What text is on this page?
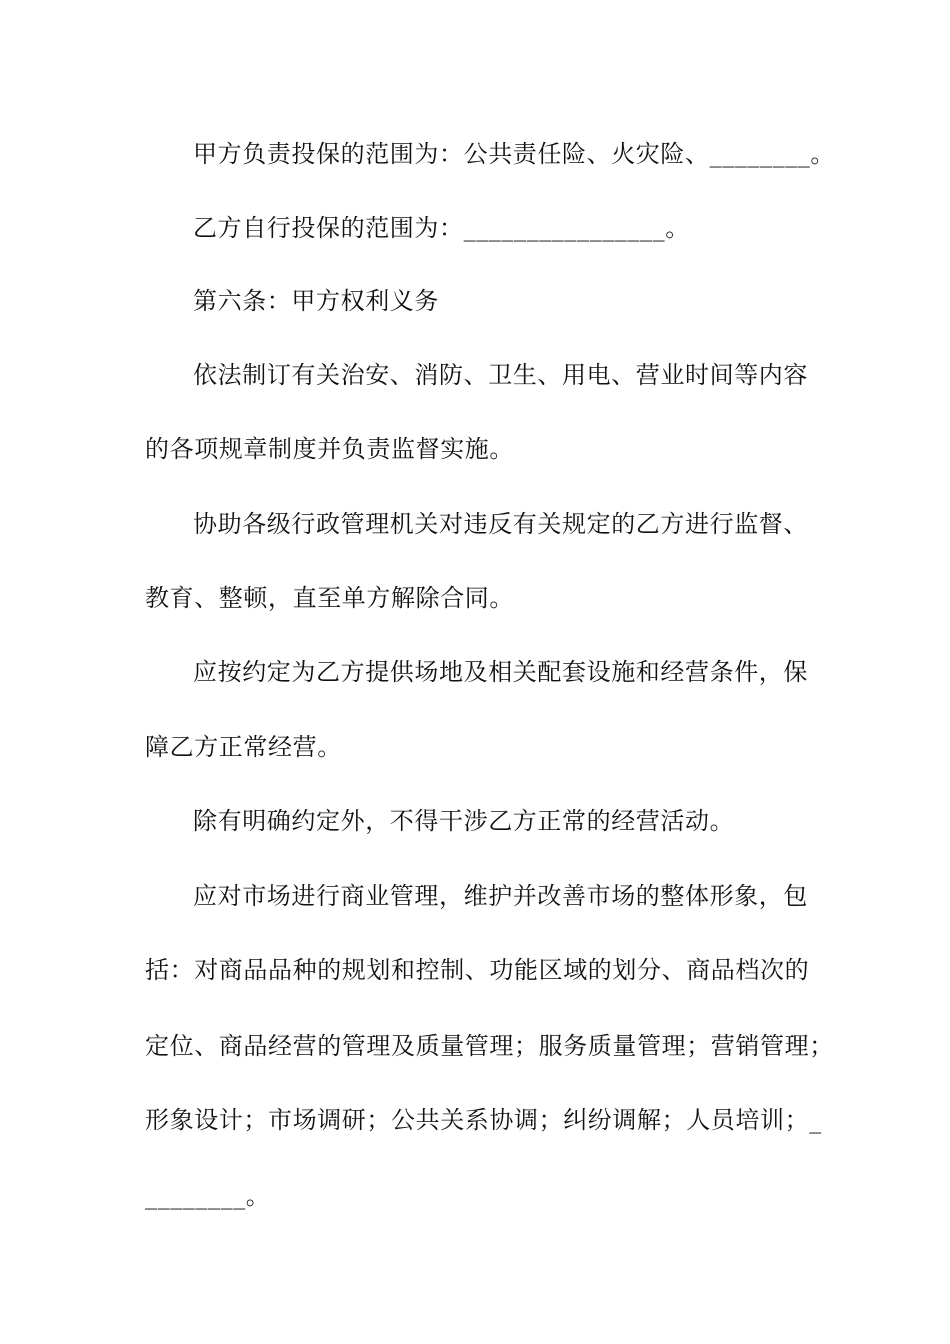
甲方负责投保的范围为：公共责任险、火灾险、________。
乙方自行投保的范围为：________________。
第六条：甲方权利义务
依法制订有关治安、消防、卫生、用电、营业时间等内容
的各项规章制度并负责监督实施。
协助各级行政管理机关对违反有关规定的乙方进行监督、
教育、整顿，直至单方解除合同。
应按约定为乙方提供场地及相关配套设施和经营条件，保
障乙方正常经营。
除有明确约定外，不得干涉乙方正常的经营活动。
应对市场进行商业管理，维护并改善市场的整体形象，包
括：对商品品种的规划和控制、功能区域的划分、商品档次的
定位、商品经营的管理及质量管理；服务质量管理；营销管理；
形象设计；市场调研；公共关系协调；纠纷调解；人员培训；_
________。
